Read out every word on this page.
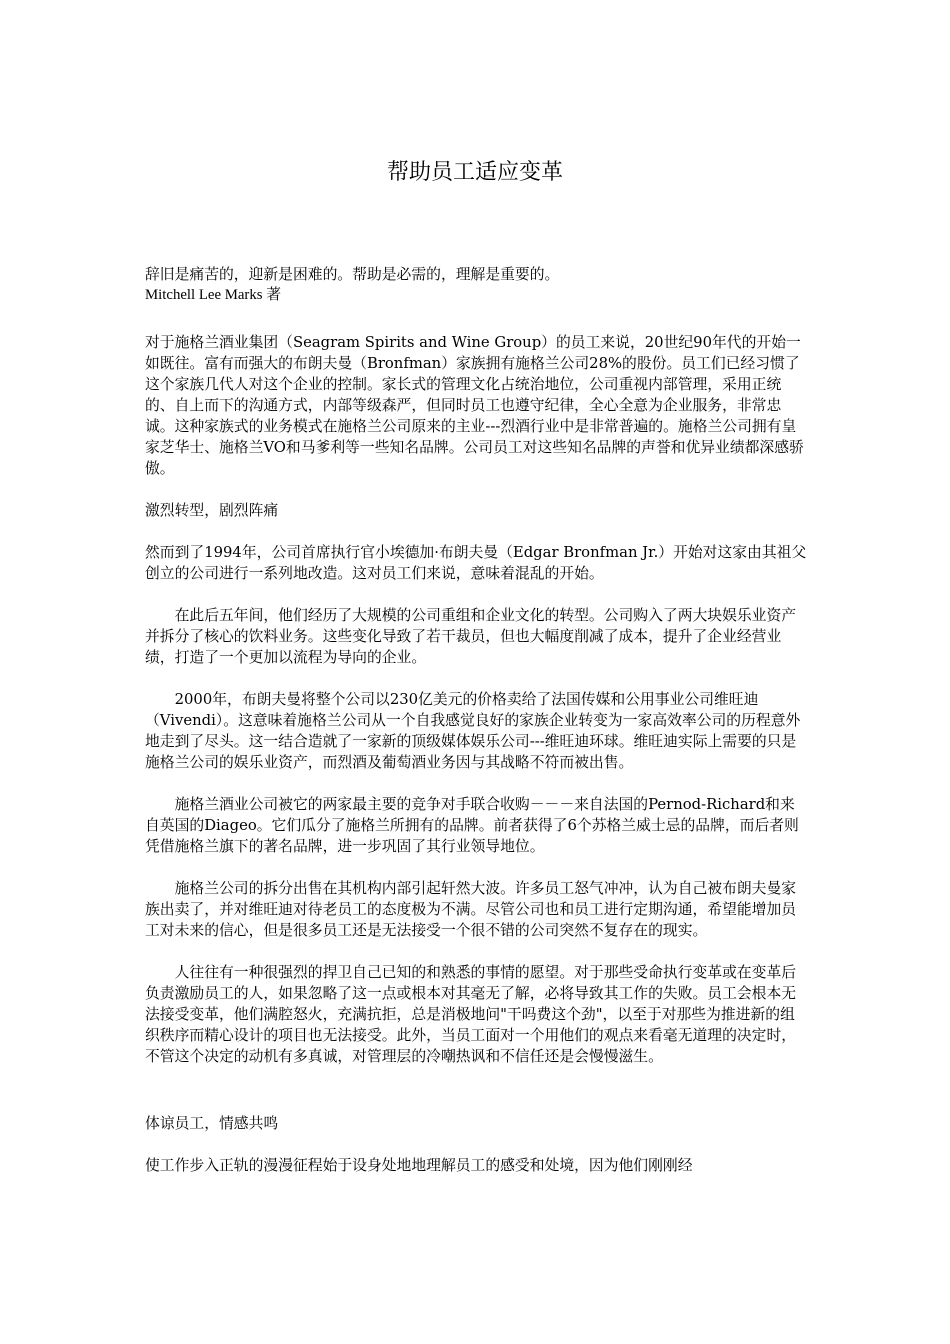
帮助员工适应变革

辞旧是痛苦的，迎新是困难的。帮助是必需的，理解是重要的。

Mitchell Lee Marks 著

对于施格兰酒业集团（Seagram Spirits and Wine Group）的员工来说，20世纪90年代的开始一如既往。富有而强大的布朗夫曼（Bronfman）家族拥有施格兰公司28%的股份。员工们已经习惯了这个家族几代人对这个企业的控制。家长式的管理文化占统治地位，公司重视内部管理，采用正统的、自上而下的沟通方式，内部等级森严，但同时员工也遵守纪律，全心全意为企业服务，非常忠诚。这种家族式的业务模式在施格兰公司原来的主业---烈酒行业中是非常普遍的。施格兰公司拥有皇家芝华士、施格兰VO和马爹利等一些知名品牌。公司员工对这些知名品牌的声誉和优异业绩都深感骄傲。

激烈转型，剧烈阵痛

然而到了1994年，公司首席执行官小埃德加·布朗夫曼（Edgar Bronfman Jr.）开始对这家由其祖父创立的公司进行一系列地改造。这对员工们来说，意味着混乱的开始。

在此后五年间，他们经历了大规模的公司重组和企业文化的转型。公司购入了两大块娱乐业资产并拆分了核心的饮料业务。这些变化导致了若干裁员，但也大幅度削减了成本，提升了企业经营业绩，打造了一个更加以流程为导向的企业。

2000年，布朗夫曼将整个公司以230亿美元的价格卖给了法国传媒和公用事业公司维旺迪（Vivendi）。这意味着施格兰公司从一个自我感觉良好的家族企业转变为一家高效率公司的历程意外地走到了尽头。这一结合造就了一家新的顶级媒体娱乐公司---维旺迪环球。维旺迪实际上需要的只是施格兰公司的娱乐业资产，而烈酒及葡萄酒业务因与其战略不符而被出售。

施格兰酒业公司被它的两家最主要的竞争对手联合收购－－－来自法国的Pernod-Richard和来自英国的Diageo。它们瓜分了施格兰所拥有的品牌。前者获得了6个苏格兰威士忌的品牌，而后者则凭借施格兰旗下的著名品牌，进一步巩固了其行业领导地位。

施格兰公司的拆分出售在其机构内部引起轩然大波。许多员工怒气冲冲，认为自己被布朗夫曼家族出卖了，并对维旺迪对待老员工的态度极为不满。尽管公司也和员工进行定期沟通，希望能增加员工对未来的信心，但是很多员工还是无法接受一个很不错的公司突然不复存在的现实。

人往往有一种很强烈的捍卫自己已知的和熟悉的事情的愿望。对于那些受命执行变革或在变革后负责激励员工的人，如果忽略了这一点或根本对其毫无了解，必将导致其工作的失败。员工会根本无法接受变革，他们满腔怒火，充满抗拒，总是消极地问"干吗费这个劲"，以至于对那些为推进新的组织秩序而精心设计的项目也无法接受。此外，当员工面对一个用他们的观点来看毫无道理的决定时，不管这个决定的动机有多真诚，对管理层的冷嘲热讽和不信任还是会慢慢滋生。

体谅员工，情感共鸣

使工作步入正轨的漫漫征程始于设身处地地理解员工的感受和处境，因为他们刚刚经
